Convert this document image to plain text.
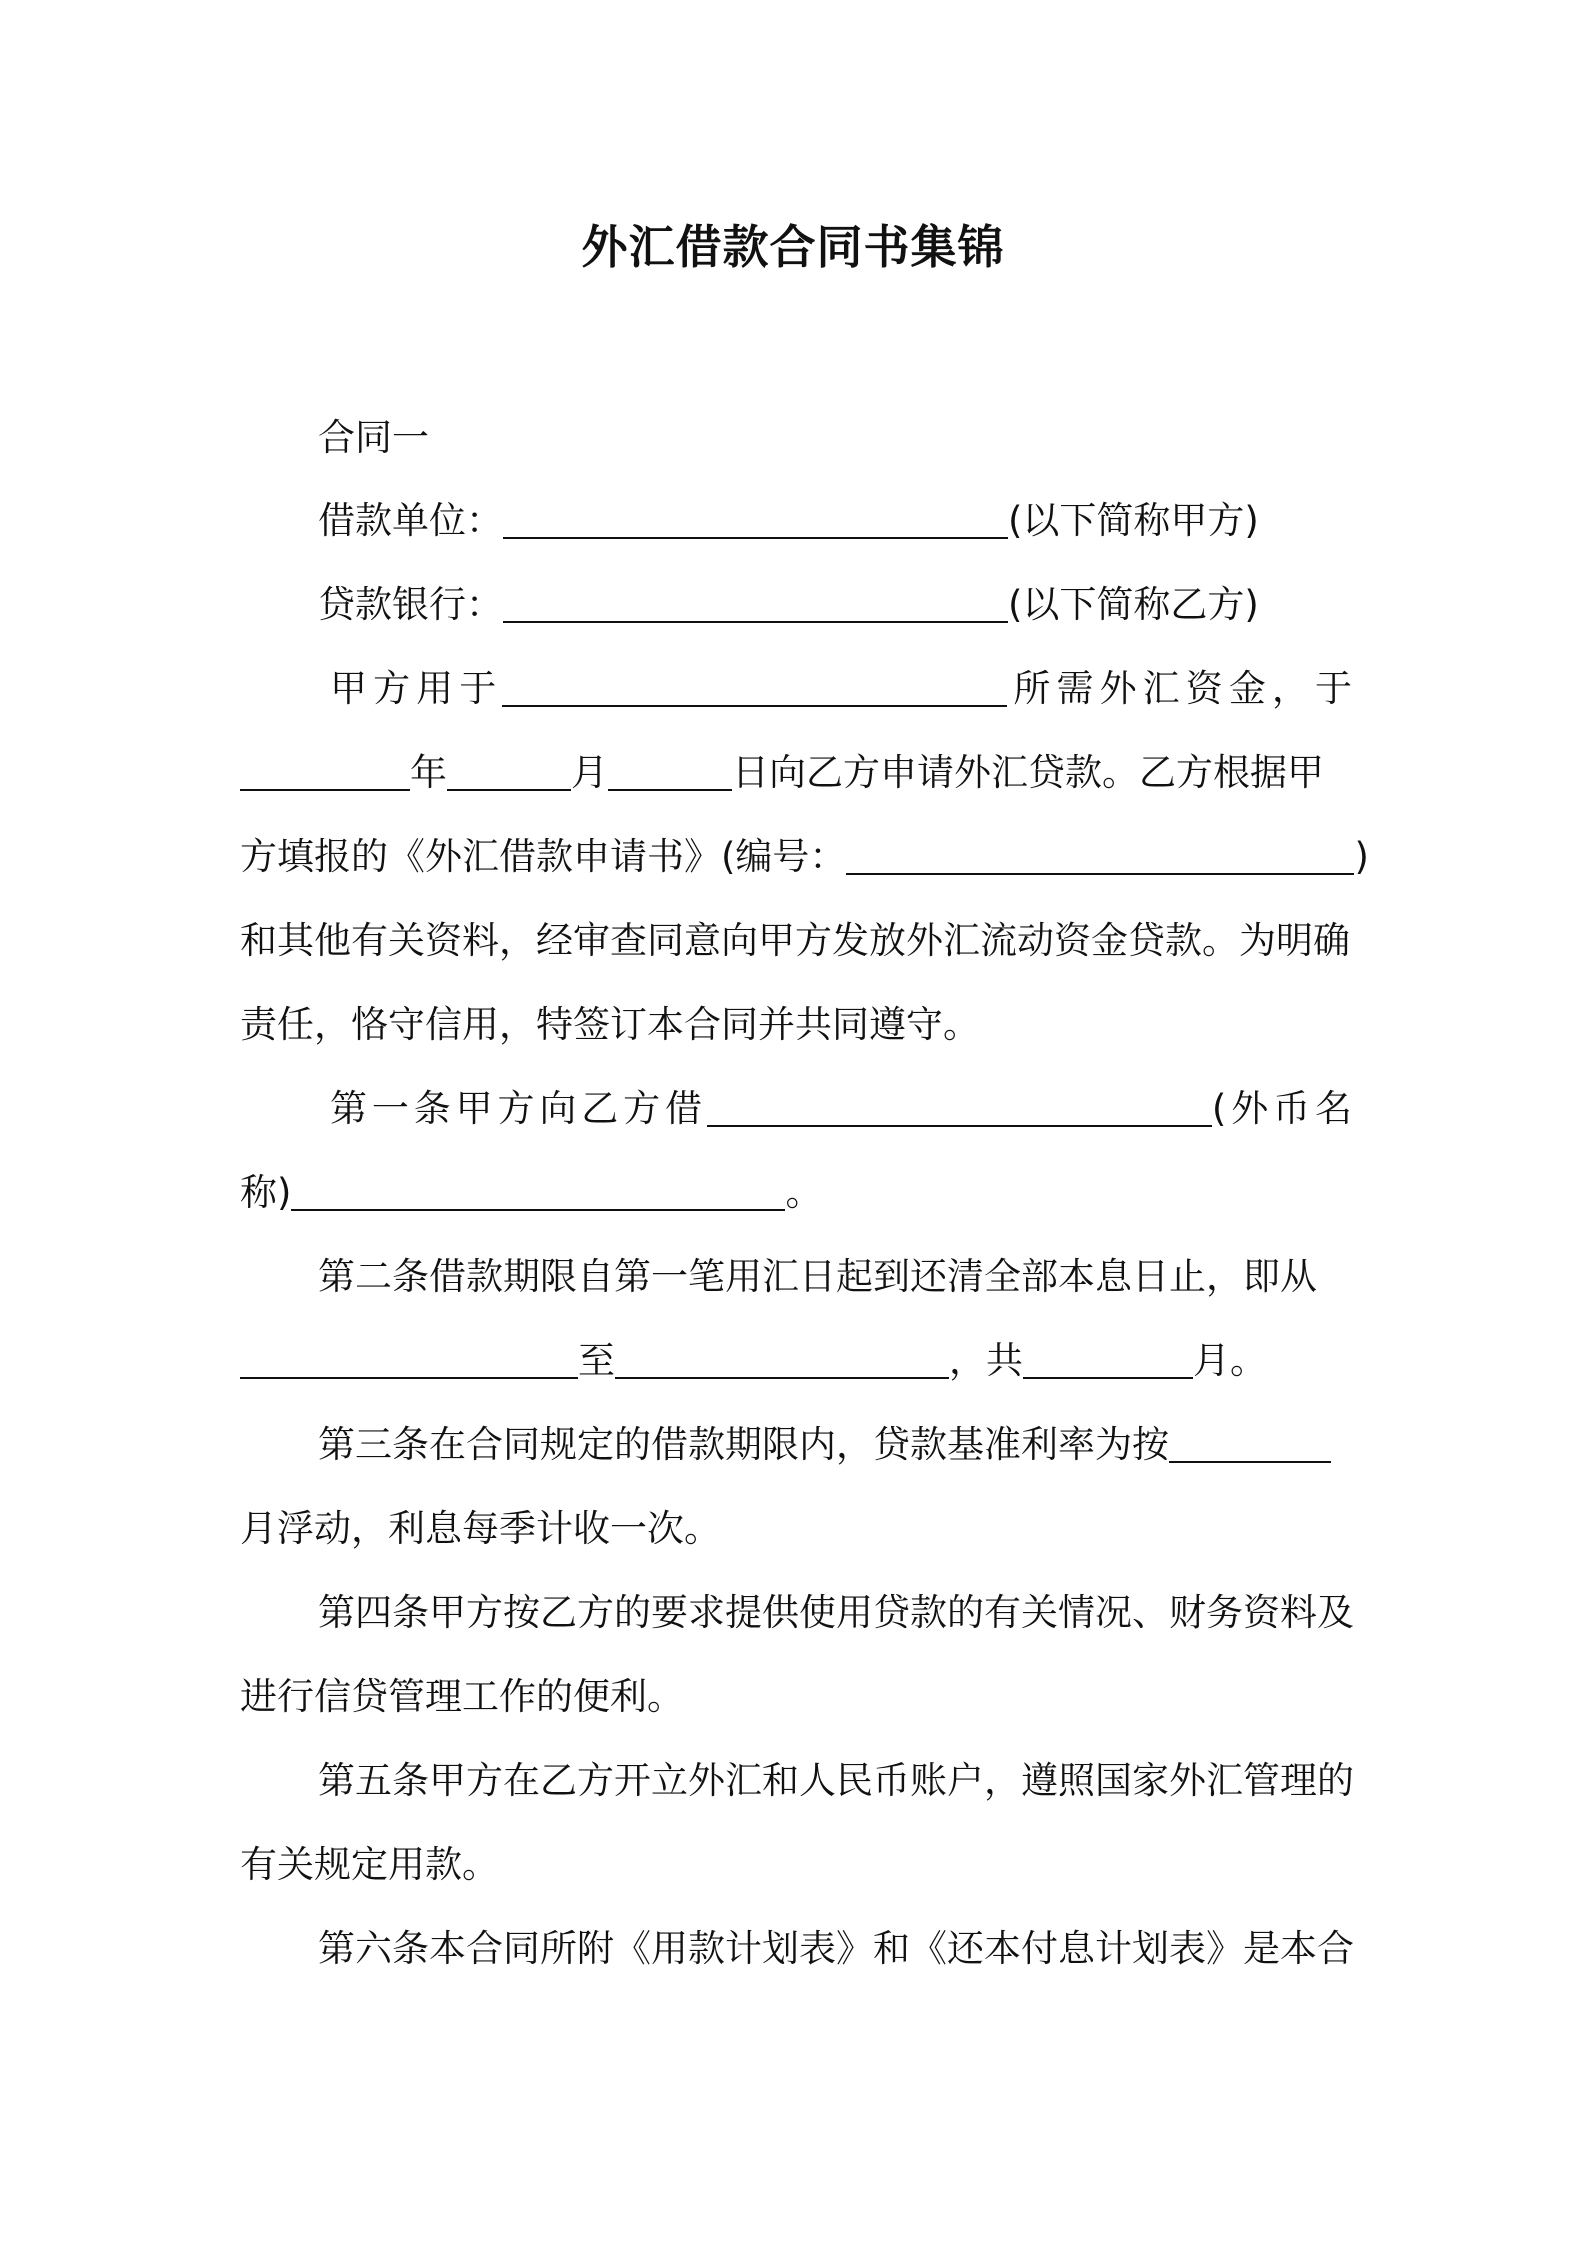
外汇借款合同书集锦
合同一
借款单位：	(以下简称甲方)
贷款银行：	(以下简称乙方)
甲方用于	所需外汇资金，于
年	月	日向乙方申请外汇贷款。乙方根据甲
方填报的《外汇借款申请书》(编号：	)
和其他有关资料，经审查同意向甲方发放外汇流动资金贷款。为明确
责任，恪守信用，特签订本合同并共同遵守。
第一条甲方向乙方借	(外币名
称)	。
第二条借款期限自第一笔用汇日起到还清全部本息日止，即从
至	，共	月。
第三条在合同规定的借款期限内，贷款基准利率为按
月浮动，利息每季计收一次。
第四条甲方按乙方的要求提供使用贷款的有关情况、财务资料及
进行信贷管理工作的便利。
第五条甲方在乙方开立外汇和人民币账户，遵照国家外汇管理的
有关规定用款。
第六条本合同所附《用款计划表》和《还本付息计划表》是本合
